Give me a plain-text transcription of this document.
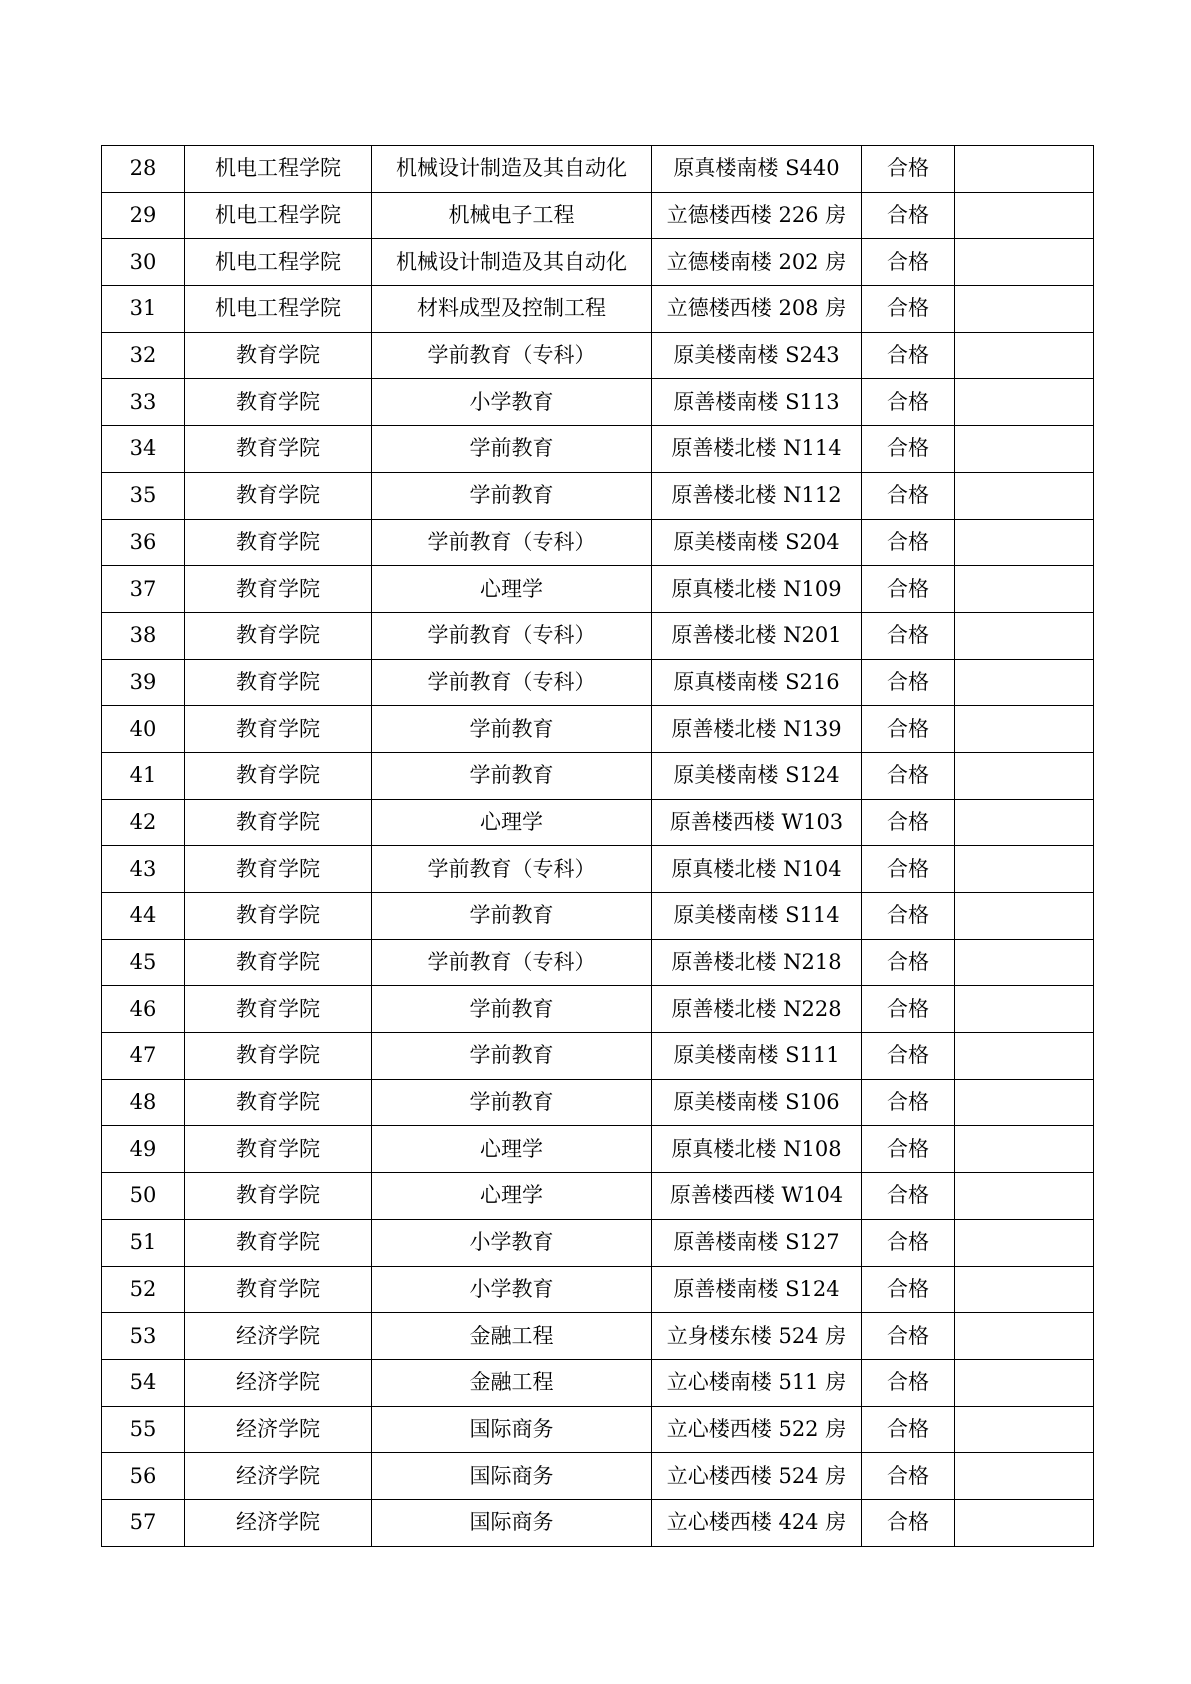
28	机电工程学院	机械设计制造及其自动化	原真楼南楼 S440	合格	
29	机电工程学院	机械电子工程	立德楼西楼 226 房	合格	
30	机电工程学院	机械设计制造及其自动化	立德楼南楼 202 房	合格	
31	机电工程学院	材料成型及控制工程	立德楼西楼 208 房	合格	
32	教育学院	学前教育（专科）	原美楼南楼 S243	合格	
33	教育学院	小学教育	原善楼南楼 S113	合格	
34	教育学院	学前教育	原善楼北楼 N114	合格	
35	教育学院	学前教育	原善楼北楼 N112	合格	
36	教育学院	学前教育（专科）	原美楼南楼 S204	合格	
37	教育学院	心理学	原真楼北楼 N109	合格	
38	教育学院	学前教育（专科）	原善楼北楼 N201	合格	
39	教育学院	学前教育（专科）	原真楼南楼 S216	合格	
40	教育学院	学前教育	原善楼北楼 N139	合格	
41	教育学院	学前教育	原美楼南楼 S124	合格	
42	教育学院	心理学	原善楼西楼 W103	合格	
43	教育学院	学前教育（专科）	原真楼北楼 N104	合格	
44	教育学院	学前教育	原美楼南楼 S114	合格	
45	教育学院	学前教育（专科）	原善楼北楼 N218	合格	
46	教育学院	学前教育	原善楼北楼 N228	合格	
47	教育学院	学前教育	原美楼南楼 S111	合格	
48	教育学院	学前教育	原美楼南楼 S106	合格	
49	教育学院	心理学	原真楼北楼 N108	合格	
50	教育学院	心理学	原善楼西楼 W104	合格	
51	教育学院	小学教育	原善楼南楼 S127	合格	
52	教育学院	小学教育	原善楼南楼 S124	合格	
53	经济学院	金融工程	立身楼东楼 524 房	合格	
54	经济学院	金融工程	立心楼南楼 511 房	合格	
55	经济学院	国际商务	立心楼西楼 522 房	合格	
56	经济学院	国际商务	立心楼西楼 524 房	合格	
57	经济学院	国际商务	立心楼西楼 424 房	合格	
